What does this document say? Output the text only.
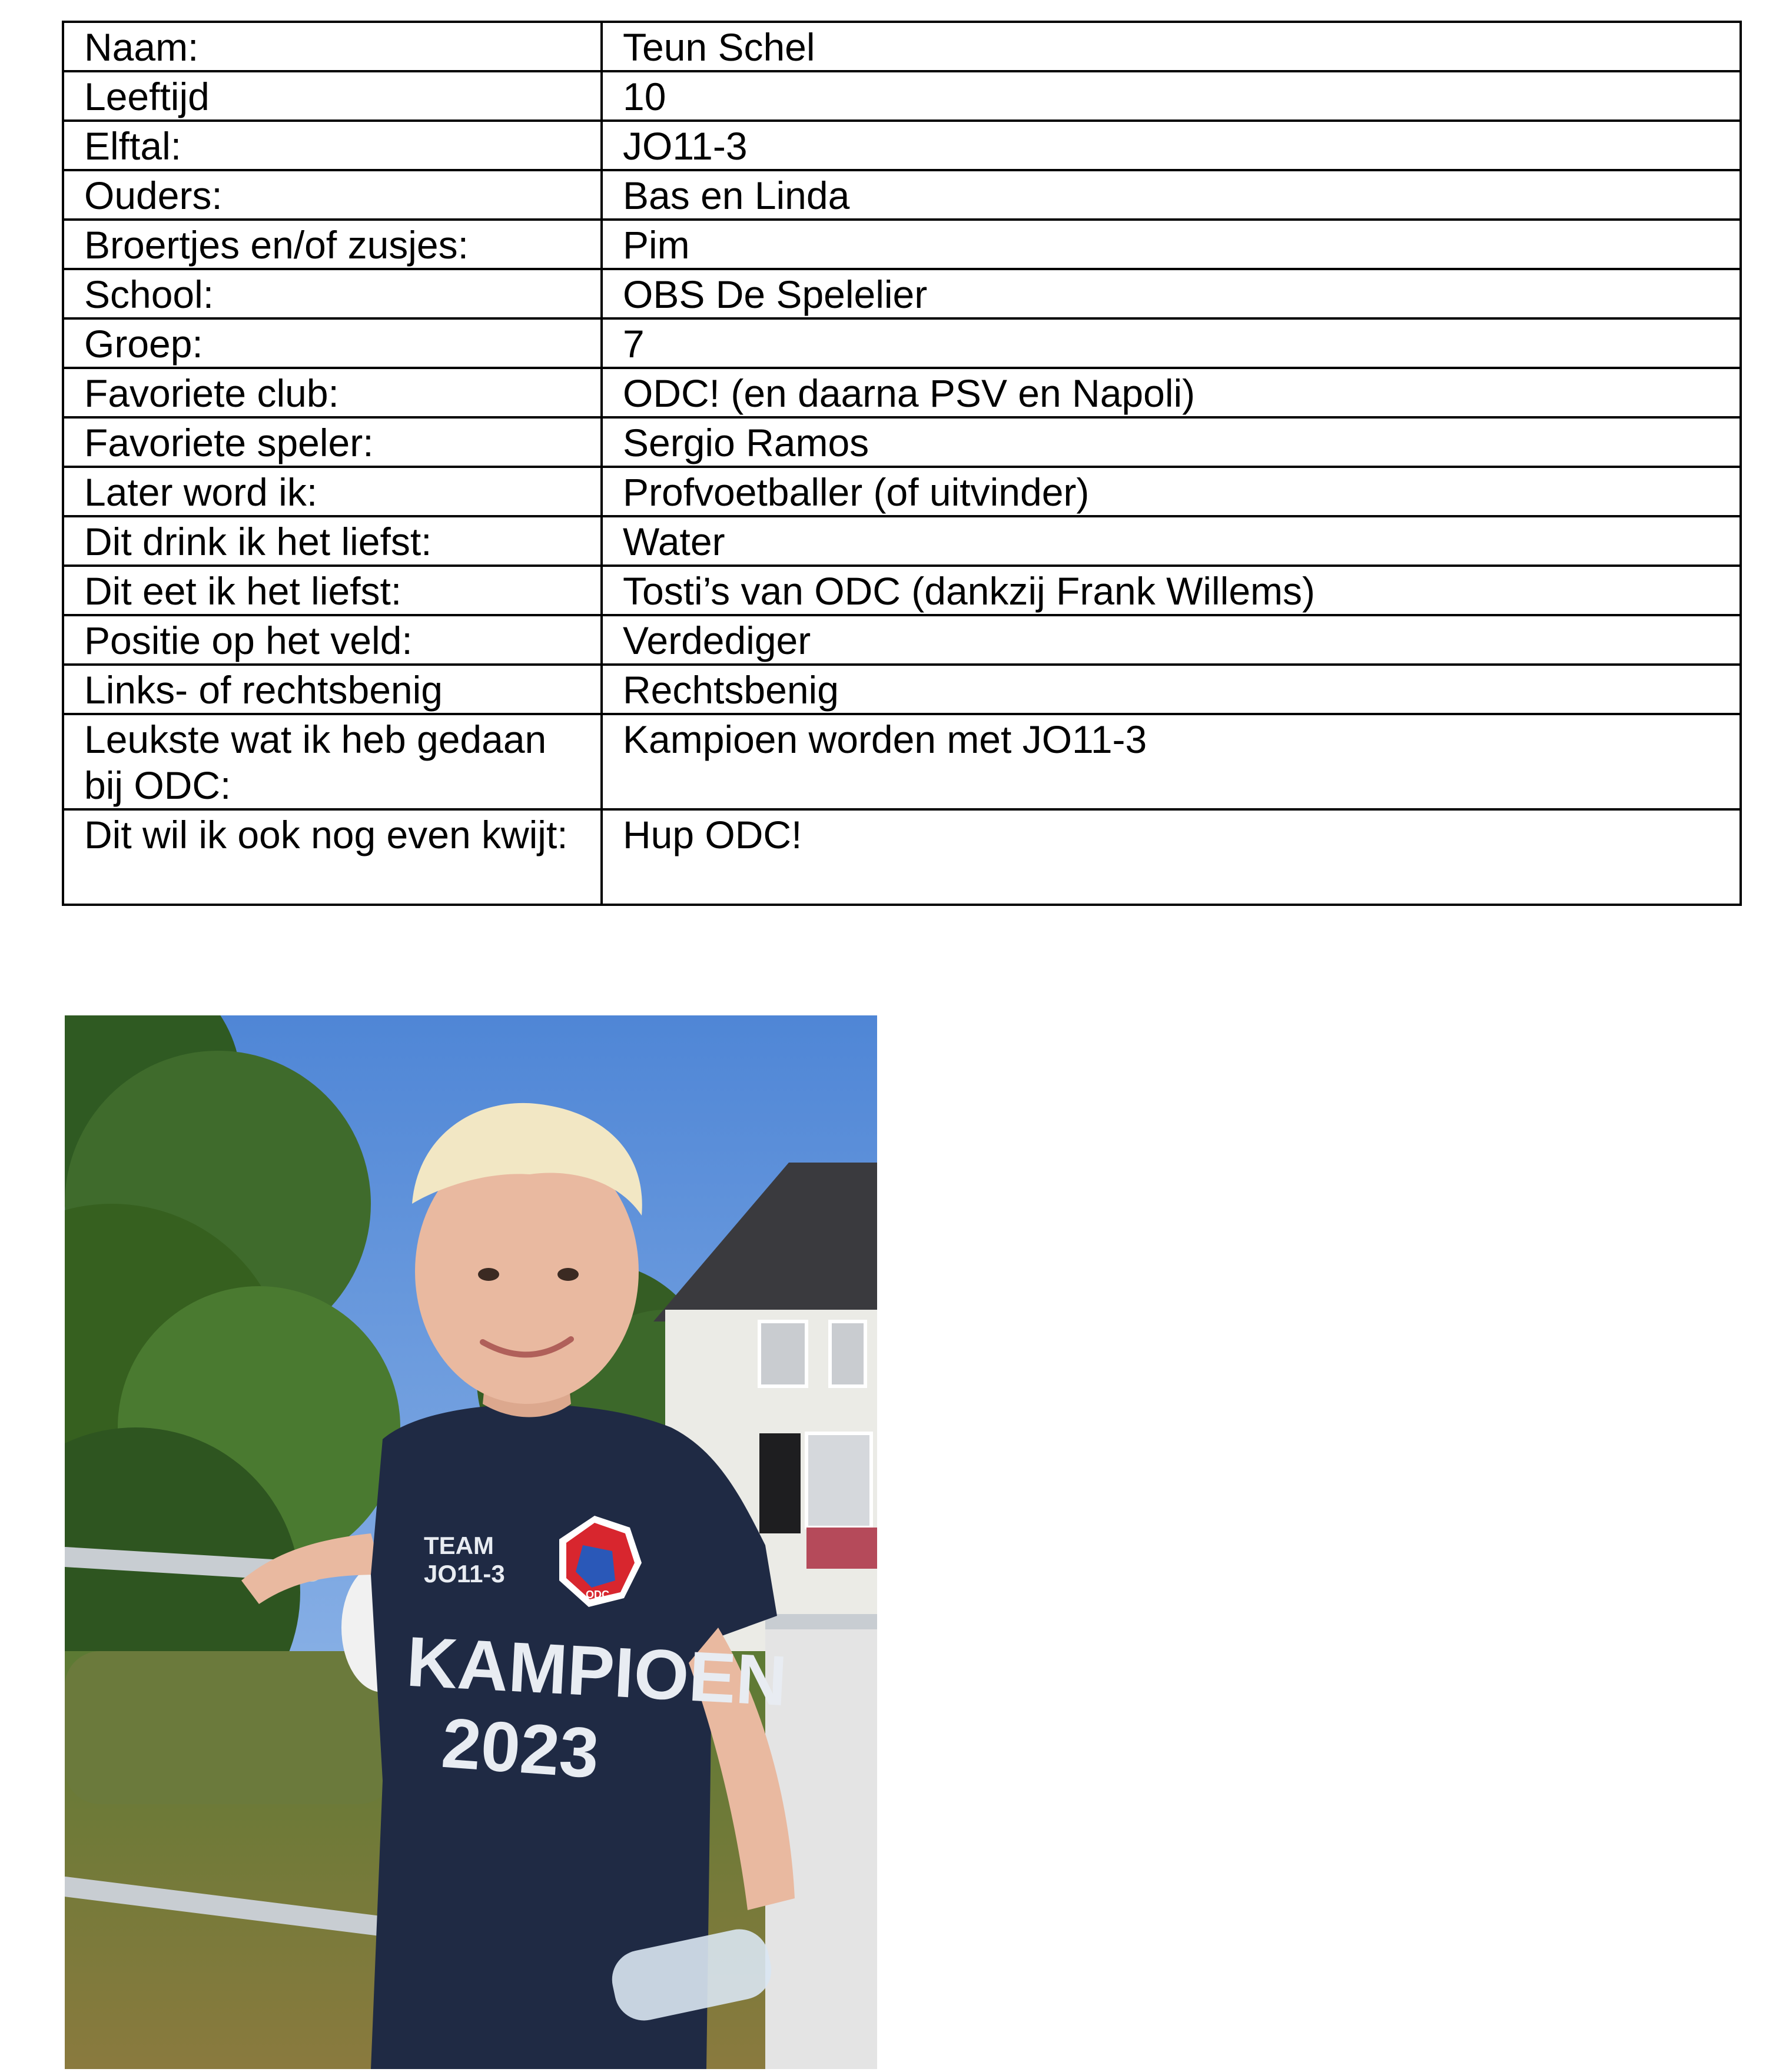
Naam:	Teun Schel
Leeftijd	10
Elftal:	JO11-3
Ouders:	Bas en Linda
Broertjes en/of zusjes:	Pim
School:	OBS De Spelelier
Groep:	7
Favoriete club:	ODC! (en daarna PSV en Napoli)
Favoriete speler:	Sergio Ramos
Later word ik:	Profvoetballer (of uitvinder)
Dit drink ik het liefst:	Water
Dit eet ik het liefst:	Tosti’s van ODC (dankzij Frank Willems)
Positie op het veld:	Verdediger
Links- of rechtsbenig	Rechtsbenig
Leukste wat ik heb gedaan bij ODC:	Kampioen worden met JO11-3
Dit wil ik ook nog even kwijt:	Hup ODC!
ODC
TEAM JO11-3
KAMPIOEN
2023
